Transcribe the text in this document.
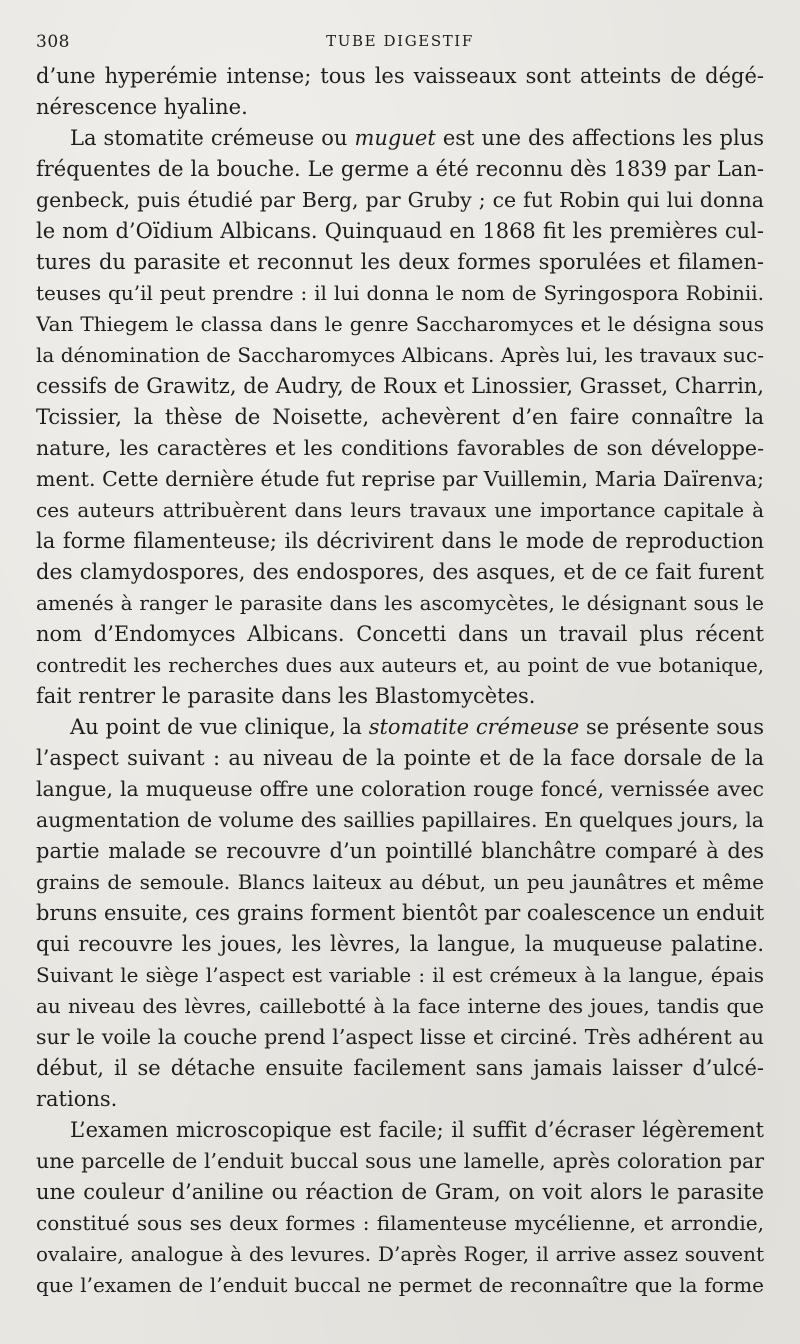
308	TUBE DIGESTIF
d’une hyperémie intense; tous les vaisseaux sont atteints de dégé-
nérescence hyaline.
La stomatite crémeuse ou muguet est une des affections les plus
fréquentes de la bouche. Le germe a été reconnu dès 1839 par Lan-
genbeck, puis étudié par Berg, par Gruby ; ce fut Robin qui lui donna
le nom d’Oïdium Albicans. Quinquaud en 1868 fit les premières cul-
tures du parasite et reconnut les deux formes sporulées et filamen-
teuses qu’il peut prendre : il lui donna le nom de Syringospora Robinii.
Van Thiegem le classa dans le genre Saccharomyces et le désigna sous
la dénomination de Saccharomyces Albicans. Après lui, les travaux suc-
cessifs de Grawitz, de Audry, de Roux et Linossier, Grasset, Charrin,
Tcissier, la thèse de Noisette, achevèrent d’en faire connaître la
nature, les caractères et les conditions favorables de son développe-
ment. Cette dernière étude fut reprise par Vuillemin, Maria Daïrenva;
ces auteurs attribuèrent dans leurs travaux une importance capitale à
la forme filamenteuse; ils décrivirent dans le mode de reproduction
des clamydospores, des endospores, des asques, et de ce fait furent
amenés à ranger le parasite dans les ascomycètes, le désignant sous le
nom d’Endomyces Albicans. Concetti dans un travail plus récent
contredit les recherches dues aux auteurs et, au point de vue botanique,
fait rentrer le parasite dans les Blastomycètes.
Au point de vue clinique, la stomatite crémeuse se présente sous
l’aspect suivant : au niveau de la pointe et de la face dorsale de la
langue, la muqueuse offre une coloration rouge foncé, vernissée avec
augmentation de volume des saillies papillaires. En quelques jours, la
partie malade se recouvre d’un pointillé blanchâtre comparé à des
grains de semoule. Blancs laiteux au début, un peu jaunâtres et même
bruns ensuite, ces grains forment bientôt par coalescence un enduit
qui recouvre les joues, les lèvres, la langue, la muqueuse palatine.
Suivant le siège l’aspect est variable : il est crémeux à la langue, épais
au niveau des lèvres, caillebotté à la face interne des joues, tandis que
sur le voile la couche prend l’aspect lisse et circiné. Très adhérent au
début, il se détache ensuite facilement sans jamais laisser d’ulcé-
rations.
L’examen microscopique est facile; il suffit d’écraser légèrement
une parcelle de l’enduit buccal sous une lamelle, après coloration par
une couleur d’aniline ou réaction de Gram, on voit alors le parasite
constitué sous ses deux formes : filamenteuse mycélienne, et arrondie,
ovalaire, analogue à des levures. D’après Roger, il arrive assez souvent
que l’examen de l’enduit buccal ne permet de reconnaître que la forme
